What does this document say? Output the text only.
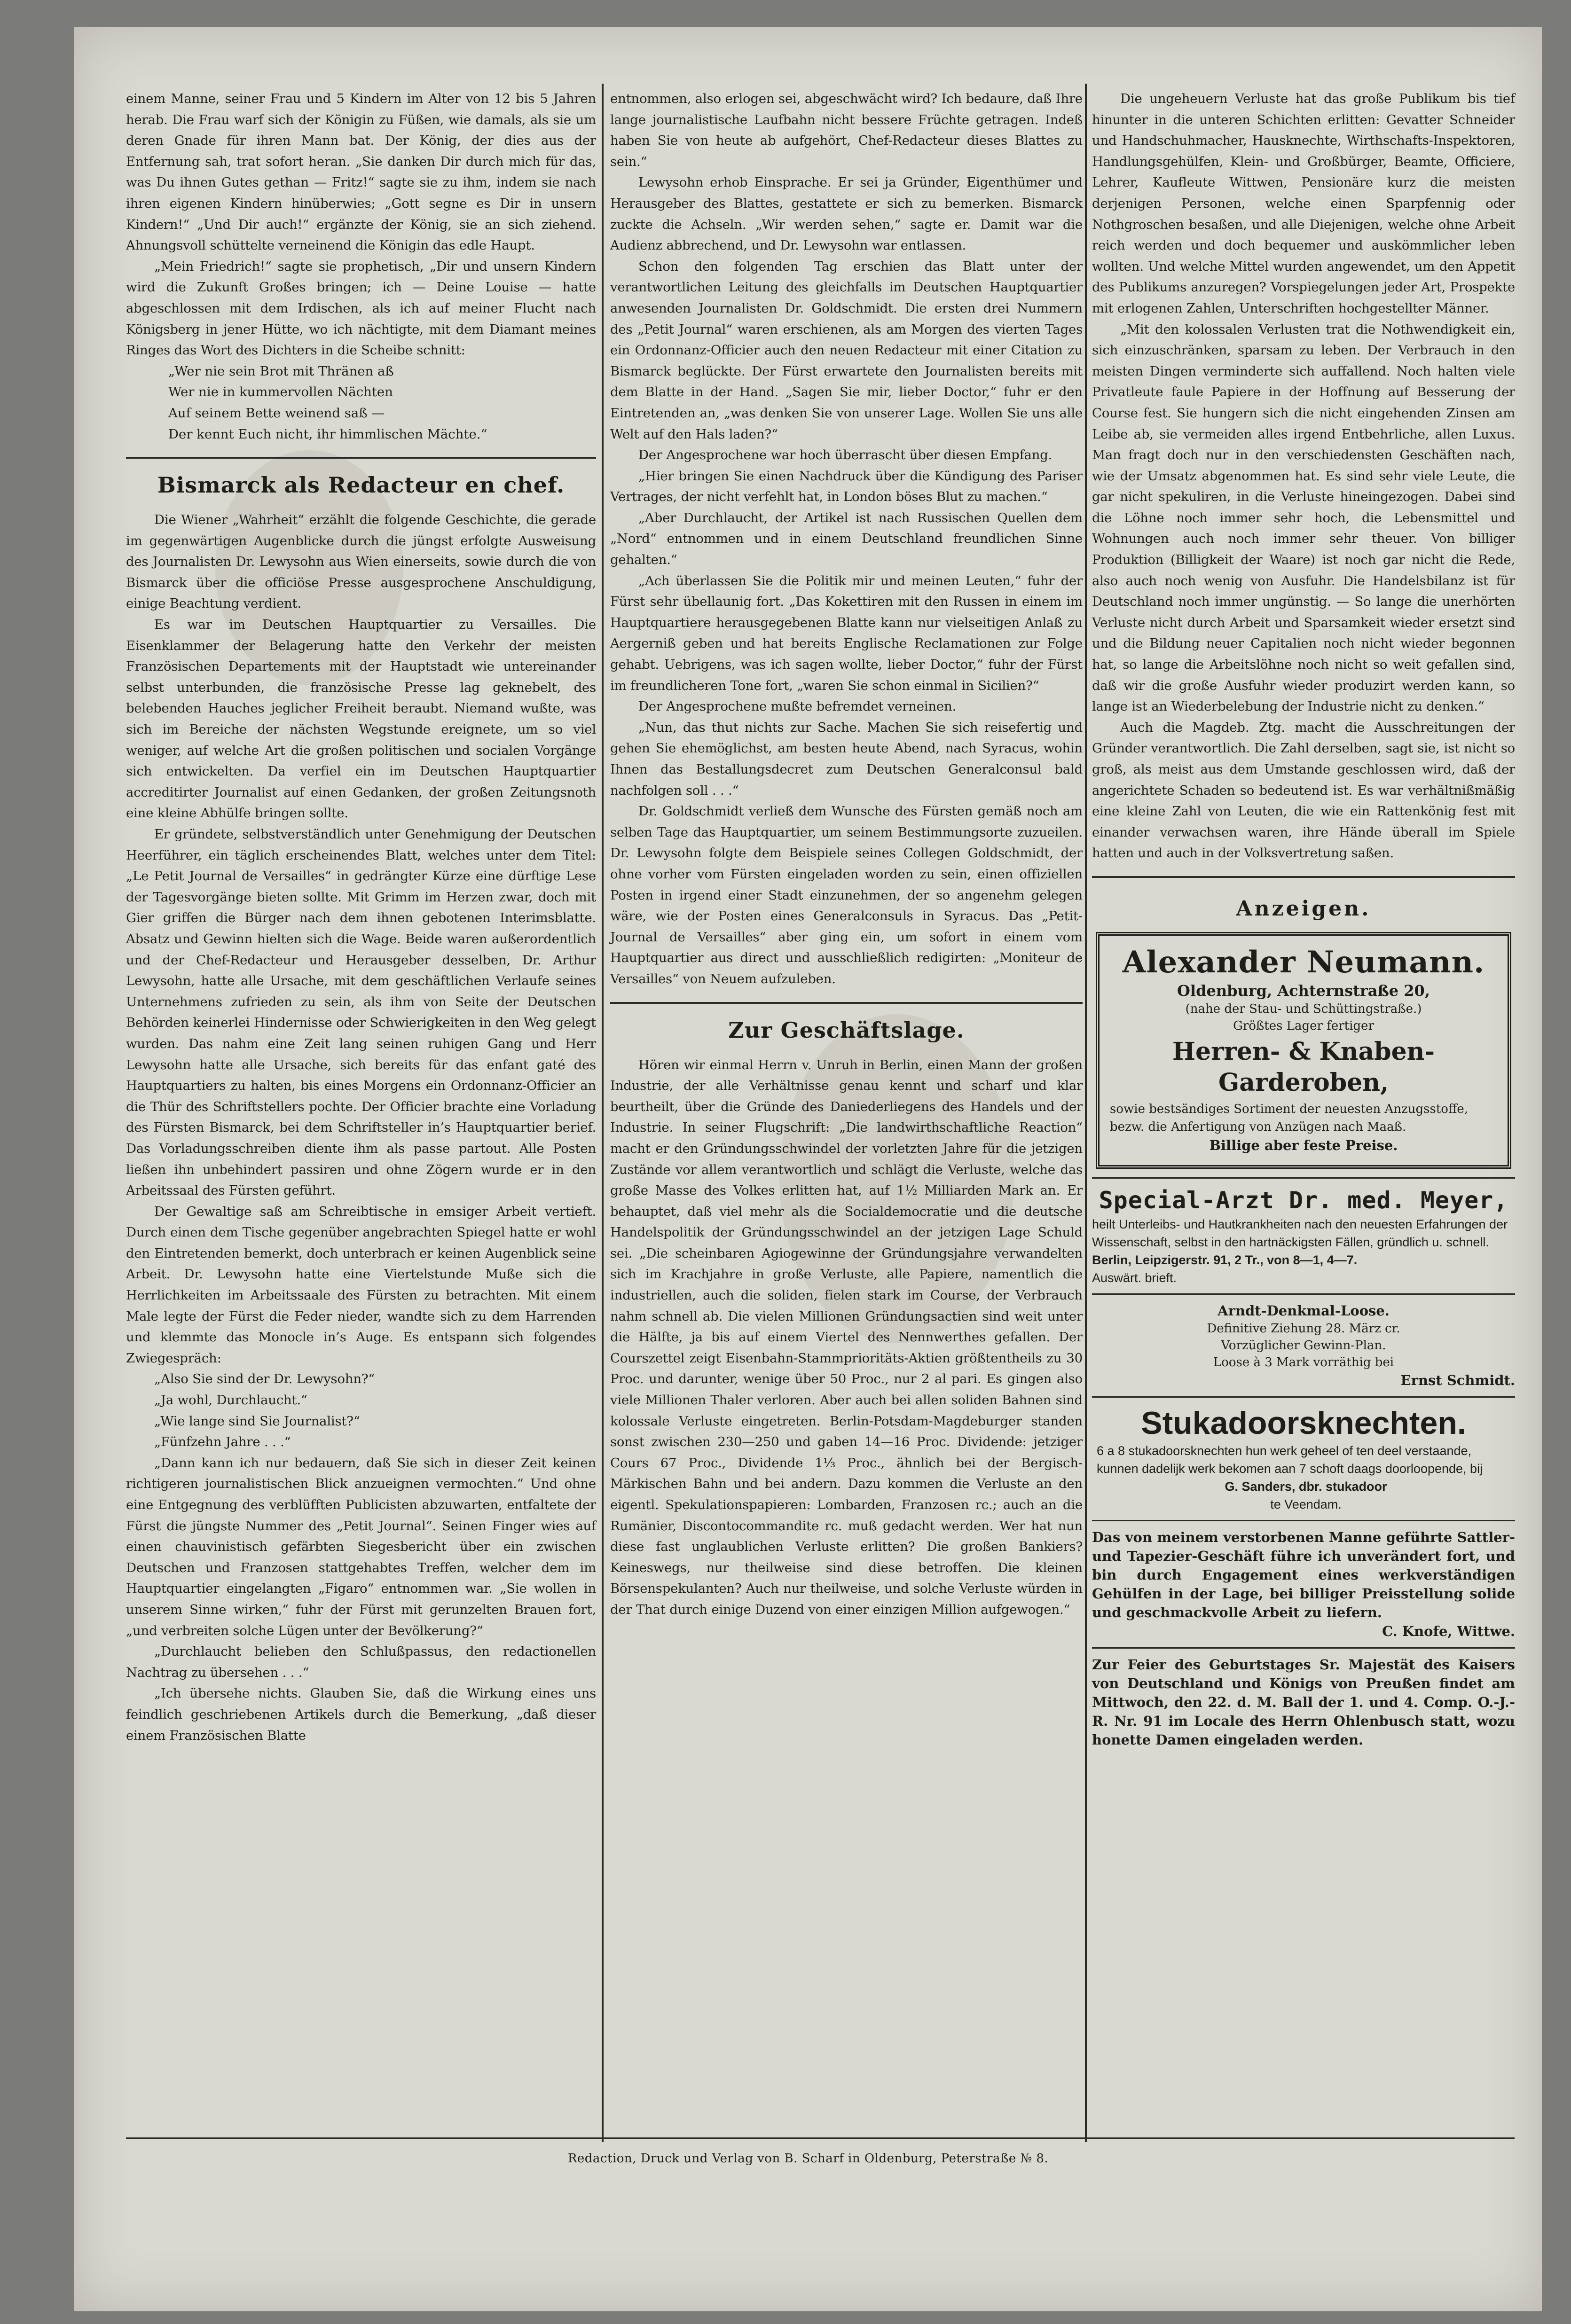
einem Manne, seiner Frau und 5 Kindern im Alter von 12 bis 5 Jahren herab. Die Frau warf sich der Königin zu Füßen, wie damals, als sie um deren Gnade für ihren Mann bat. Der König, der dies aus der Entfernung sah, trat sofort heran. „Sie danken Dir durch mich für das, was Du ihnen Gutes gethan — Fritz!“ sagte sie zu ihm, indem sie nach ihren eigenen Kindern hinüberwies; „Gott segne es Dir in unsern Kindern!“ „Und Dir auch!“ ergänzte der König, sie an sich ziehend. Ahnungsvoll schüttelte verneinend die Königin das edle Haupt.

„Mein Friedrich!“ sagte sie prophetisch, „Dir und unsern Kindern wird die Zukunft Großes bringen; ich — Deine Louise — hatte abgeschlossen mit dem Irdischen, als ich auf meiner Flucht nach Königsberg in jener Hütte, wo ich nächtigte, mit dem Diamant meines Ringes das Wort des Dichters in die Scheibe schnitt:

„Wer nie sein Brot mit Thränen aß
Wer nie in kummervollen Nächten
Auf seinem Bette weinend saß —
Der kennt Euch nicht, ihr himmlischen Mächte.“
Bismarck als Redacteur en chef.

Die Wiener „Wahrheit“ erzählt die folgende Geschichte, die gerade im gegenwärtigen Augenblicke durch die jüngst erfolgte Ausweisung des Journalisten Dr. Lewysohn aus Wien einerseits, sowie durch die von Bismarck über die officiöse Presse ausgesprochene Anschuldigung, einige Beachtung verdient.

Es war im Deutschen Hauptquartier zu Versailles. Die Eisenklammer der Belagerung hatte den Verkehr der meisten Französischen Departements mit der Hauptstadt wie untereinander selbst unterbunden, die französische Presse lag geknebelt, des belebenden Hauches jeglicher Freiheit beraubt. Niemand wußte, was sich im Bereiche der nächsten Wegstunde ereignete, um so viel weniger, auf welche Art die großen politischen und socialen Vorgänge sich entwickelten. Da verfiel ein im Deutschen Hauptquartier accreditirter Journalist auf einen Gedanken, der großen Zeitungsnoth eine kleine Abhülfe bringen sollte.

Er gründete, selbstverständlich unter Genehmigung der Deutschen Heerführer, ein täglich erscheinendes Blatt, welches unter dem Titel: „Le Petit Journal de Versailles“ in gedrängter Kürze eine dürftige Lese der Tagesvorgänge bieten sollte. Mit Grimm im Herzen zwar, doch mit Gier griffen die Bürger nach dem ihnen gebotenen Interimsblatte. Absatz und Gewinn hielten sich die Wage. Beide waren außerordentlich und der Chef-Redacteur und Herausgeber desselben, Dr. Arthur Lewysohn, hatte alle Ursache, mit dem geschäftlichen Verlaufe seines Unternehmens zufrieden zu sein, als ihm von Seite der Deutschen Behörden keinerlei Hindernisse oder Schwierigkeiten in den Weg gelegt wurden. Das nahm eine Zeit lang seinen ruhigen Gang und Herr Lewysohn hatte alle Ursache, sich bereits für das enfant gaté des Hauptquartiers zu halten, bis eines Morgens ein Ordonnanz-Officier an die Thür des Schriftstellers pochte. Der Officier brachte eine Vorladung des Fürsten Bismarck, bei dem Schriftsteller in’s Hauptquartier berief. Das Vorladungsschreiben diente ihm als passe partout. Alle Posten ließen ihn unbehindert passiren und ohne Zögern wurde er in den Arbeitssaal des Fürsten geführt.

Der Gewaltige saß am Schreibtische in emsiger Arbeit vertieft. Durch einen dem Tische gegenüber angebrachten Spiegel hatte er wohl den Eintretenden bemerkt, doch unterbrach er keinen Augenblick seine Arbeit. Dr. Lewysohn hatte eine Viertelstunde Muße sich die Herrlichkeiten im Arbeitssaale des Fürsten zu betrachten. Mit einem Male legte der Fürst die Feder nieder, wandte sich zu dem Harrenden und klemmte das Monocle in’s Auge. Es entspann sich folgendes Zwiegespräch:

„Also Sie sind der Dr. Lewysohn?“

„Ja wohl, Durchlaucht.“

„Wie lange sind Sie Journalist?“

„Fünfzehn Jahre . . .“

„Dann kann ich nur bedauern, daß Sie sich in dieser Zeit keinen richtigeren journalistischen Blick anzueignen vermochten.“ Und ohne eine Entgegnung des verblüfften Publicisten abzuwarten, entfaltete der Fürst die jüngste Nummer des „Petit Journal“. Seinen Finger wies auf einen chauvinistisch gefärbten Siegesbericht über ein zwischen Deutschen und Franzosen stattgehabtes Treffen, welcher dem im Hauptquartier eingelangten „Figaro“ entnommen war. „Sie wollen in unserem Sinne wirken,“ fuhr der Fürst mit gerunzelten Brauen fort, „und verbreiten solche Lügen unter der Bevölkerung?“

„Durchlaucht belieben den Schlußpassus, den redactionellen Nachtrag zu übersehen . . .“

„Ich übersehe nichts. Glauben Sie, daß die Wirkung eines uns feindlich geschriebenen Artikels durch die Bemerkung, „daß dieser einem Französischen Blatte

entnommen, also erlogen sei, abgeschwächt wird? Ich bedaure, daß Ihre lange journalistische Laufbahn nicht bessere Früchte getragen. Indeß haben Sie von heute ab aufgehört, Chef-Redacteur dieses Blattes zu sein.“

Lewysohn erhob Einsprache. Er sei ja Gründer, Eigenthümer und Herausgeber des Blattes, gestattete er sich zu bemerken. Bismarck zuckte die Achseln. „Wir werden sehen,“ sagte er. Damit war die Audienz abbrechend, und Dr. Lewysohn war entlassen.

Schon den folgenden Tag erschien das Blatt unter der verantwortlichen Leitung des gleichfalls im Deutschen Hauptquartier anwesenden Journalisten Dr. Goldschmidt. Die ersten drei Nummern des „Petit Journal“ waren erschienen, als am Morgen des vierten Tages ein Ordonnanz-Officier auch den neuen Redacteur mit einer Citation zu Bismarck beglückte. Der Fürst erwartete den Journalisten bereits mit dem Blatte in der Hand. „Sagen Sie mir, lieber Doctor,“ fuhr er den Eintretenden an, „was denken Sie von unserer Lage. Wollen Sie uns alle Welt auf den Hals laden?“

Der Angesprochene war hoch überrascht über diesen Empfang.

„Hier bringen Sie einen Nachdruck über die Kündigung des Pariser Vertrages, der nicht verfehlt hat, in London böses Blut zu machen.“

„Aber Durchlaucht, der Artikel ist nach Russischen Quellen dem „Nord“ entnommen und in einem Deutschland freundlichen Sinne gehalten.“

„Ach überlassen Sie die Politik mir und meinen Leuten,“ fuhr der Fürst sehr übellaunig fort. „Das Kokettiren mit den Russen in einem im Hauptquartiere herausgegebenen Blatte kann nur vielseitigen Anlaß zu Aergerniß geben und hat bereits Englische Reclamationen zur Folge gehabt. Uebrigens, was ich sagen wollte, lieber Doctor,“ fuhr der Fürst im freundlicheren Tone fort, „waren Sie schon einmal in Sicilien?“

Der Angesprochene mußte befremdet verneinen.

„Nun, das thut nichts zur Sache. Machen Sie sich reisefertig und gehen Sie ehemöglichst, am besten heute Abend, nach Syracus, wohin Ihnen das Bestallungsdecret zum Deutschen Generalconsul bald nachfolgen soll . . .“

Dr. Goldschmidt verließ dem Wunsche des Fürsten gemäß noch am selben Tage das Hauptquartier, um seinem Bestimmungsorte zuzueilen. Dr. Lewysohn folgte dem Beispiele seines Collegen Goldschmidt, der ohne vorher vom Fürsten eingeladen worden zu sein, einen offiziellen Posten in irgend einer Stadt einzunehmen, der so angenehm gelegen wäre, wie der Posten eines Generalconsuls in Syracus. Das „Petit-Journal de Versailles“ aber ging ein, um sofort in einem vom Hauptquartier aus direct und ausschließlich redigirten: „Moniteur de Versailles“ von Neuem aufzuleben.

Zur Geschäftslage.

Hören wir einmal Herrn v. Unruh in Berlin, einen Mann der großen Industrie, der alle Verhältnisse genau kennt und scharf und klar beurtheilt, über die Gründe des Daniederliegens des Handels und der Industrie. In seiner Flugschrift: „Die landwirthschaftliche Reaction“ macht er den Gründungsschwindel der vorletzten Jahre für die jetzigen Zustände vor allem verantwortlich und schlägt die Verluste, welche das große Masse des Volkes erlitten hat, auf 1½ Milliarden Mark an. Er behauptet, daß viel mehr als die Socialdemocratie und die deutsche Handelspolitik der Gründungsschwindel an der jetzigen Lage Schuld sei. „Die scheinbaren Agiogewinne der Gründungsjahre verwandelten sich im Krachjahre in große Verluste, alle Papiere, namentlich die industriellen, auch die soliden, fielen stark im Course, der Verbrauch nahm schnell ab. Die vielen Millionen Gründungsactien sind weit unter die Hälfte, ja bis auf einem Viertel des Nennwerthes gefallen. Der Courszettel zeigt Eisenbahn-Stammprioritäts-Aktien größtentheils zu 30 Proc. und darunter, wenige über 50 Proc., nur 2 al pari. Es gingen also viele Millionen Thaler verloren. Aber auch bei allen soliden Bahnen sind kolossale Verluste eingetreten. Berlin-Potsdam-Magdeburger standen sonst zwischen 230—250 und gaben 14—16 Proc. Dividende: jetziger Cours 67 Proc., Dividende 1⅓ Proc., ähnlich bei der Bergisch-Märkischen Bahn und bei andern. Dazu kommen die Verluste an den eigentl. Spekulationspapieren: Lombarden, Franzosen rc.; auch an die Rumänier, Discontocommandite rc. muß gedacht werden. Wer hat nun diese fast unglaublichen Verluste erlitten? Die großen Bankiers? Keineswegs, nur theilweise sind diese betroffen. Die kleinen Börsenspekulanten? Auch nur theilweise, und solche Verluste würden in der That durch einige Duzend von einer einzigen Million aufgewogen.“

Die ungeheuern Verluste hat das große Publikum bis tief hinunter in die unteren Schichten erlitten: Gevatter Schneider und Handschuhmacher, Hausknechte, Wirthschafts-Inspektoren, Handlungsgehülfen, Klein- und Großbürger, Beamte, Officiere, Lehrer, Kaufleute Wittwen, Pensionäre kurz die meisten derjenigen Personen, welche einen Sparpfennig oder Nothgroschen besaßen, und alle Diejenigen, welche ohne Arbeit reich werden und doch bequemer und auskömmlicher leben wollten. Und welche Mittel wurden angewendet, um den Appetit des Publikums anzuregen? Vorspiegelungen jeder Art, Prospekte mit erlogenen Zahlen, Unterschriften hochgestellter Männer.

„Mit den kolossalen Verlusten trat die Nothwendigkeit ein, sich einzuschränken, sparsam zu leben. Der Verbrauch in den meisten Dingen verminderte sich auffallend. Noch halten viele Privatleute faule Papiere in der Hoffnung auf Besserung der Course fest. Sie hungern sich die nicht eingehenden Zinsen am Leibe ab, sie vermeiden alles irgend Entbehrliche, allen Luxus. Man fragt doch nur in den verschiedensten Geschäften nach, wie der Umsatz abgenommen hat. Es sind sehr viele Leute, die gar nicht spekuliren, in die Verluste hineingezogen. Dabei sind die Löhne noch immer sehr hoch, die Lebensmittel und Wohnungen auch noch immer sehr theuer. Von billiger Produktion (Billigkeit der Waare) ist noch gar nicht die Rede, also auch noch wenig von Ausfuhr. Die Handelsbilanz ist für Deutschland noch immer ungünstig. — So lange die unerhörten Verluste nicht durch Arbeit und Sparsamkeit wieder ersetzt sind und die Bildung neuer Capitalien noch nicht wieder begonnen hat, so lange die Arbeitslöhne noch nicht so weit gefallen sind, daß wir die große Ausfuhr wieder produzirt werden kann, so lange ist an Wiederbelebung der Industrie nicht zu denken.“

Auch die Magdeb. Ztg. macht die Ausschreitungen der Gründer verantwortlich. Die Zahl derselben, sagt sie, ist nicht so groß, als meist aus dem Umstande geschlossen wird, daß der angerichtete Schaden so bedeutend ist. Es war verhältnißmäßig eine kleine Zahl von Leuten, die wie ein Rattenkönig fest mit einander verwachsen waren, ihre Hände überall im Spiele hatten und auch in der Volksvertretung saßen.

Anzeigen.
Alexander Neumann.
Oldenburg, Achternstraße 20,
(nahe der Stau- und Schüttingstraße.)
Größtes Lager fertiger
Herren- & Knaben-Garderoben,
sowie bestsändiges Sortiment der neuesten Anzugsstoffe, bezw. die Anfertigung von Anzügen nach Maaß.
Billige aber feste Preise.
Special-Arzt Dr. med. Meyer,
heilt Unterleibs- und Hautkrankheiten nach den neuesten Erfahrungen der Wissenschaft, selbst in den hartnäckigsten Fällen, gründlich u. schnell.
Berlin, Leipzigerstr. 91, 2 Tr., von 8—1, 4—7.
Auswärt. brieft.
Arndt-Denkmal-Loose.
Definitive Ziehung 28. März cr.
Vorzüglicher Gewinn-Plan.
Loose à 3 Mark vorräthig bei
Ernst Schmidt.
Stukadoorsknechten.
6 a 8 stukadoorsknechten hun werk geheel of ten deel verstaande, kunnen dadelijk werk bekomen aan 7 schoft daags doorloopende, bij
G. Sanders, dbr. stukadoor
te Veendam.
Das von meinem verstorbenen Manne geführte Sattler- und Tapezier-Geschäft führe ich unverändert fort, und bin durch Engagement eines werkverständigen Gehülfen in der Lage, bei billiger Preisstellung solide und geschmackvolle Arbeit zu liefern.
C. Knofe, Wittwe.
Zur Feier des Geburtstages Sr. Majestät des Kaisers von Deutschland und Königs von Preußen findet am Mittwoch, den 22. d. M. Ball der 1. und 4. Comp. O.-J.-R. Nr. 91 im Locale des Herrn Ohlenbusch statt, wozu honette Damen eingeladen werden.
Redaction, Druck und Verlag von B. Scharf in Oldenburg, Peterstraße № 8.
